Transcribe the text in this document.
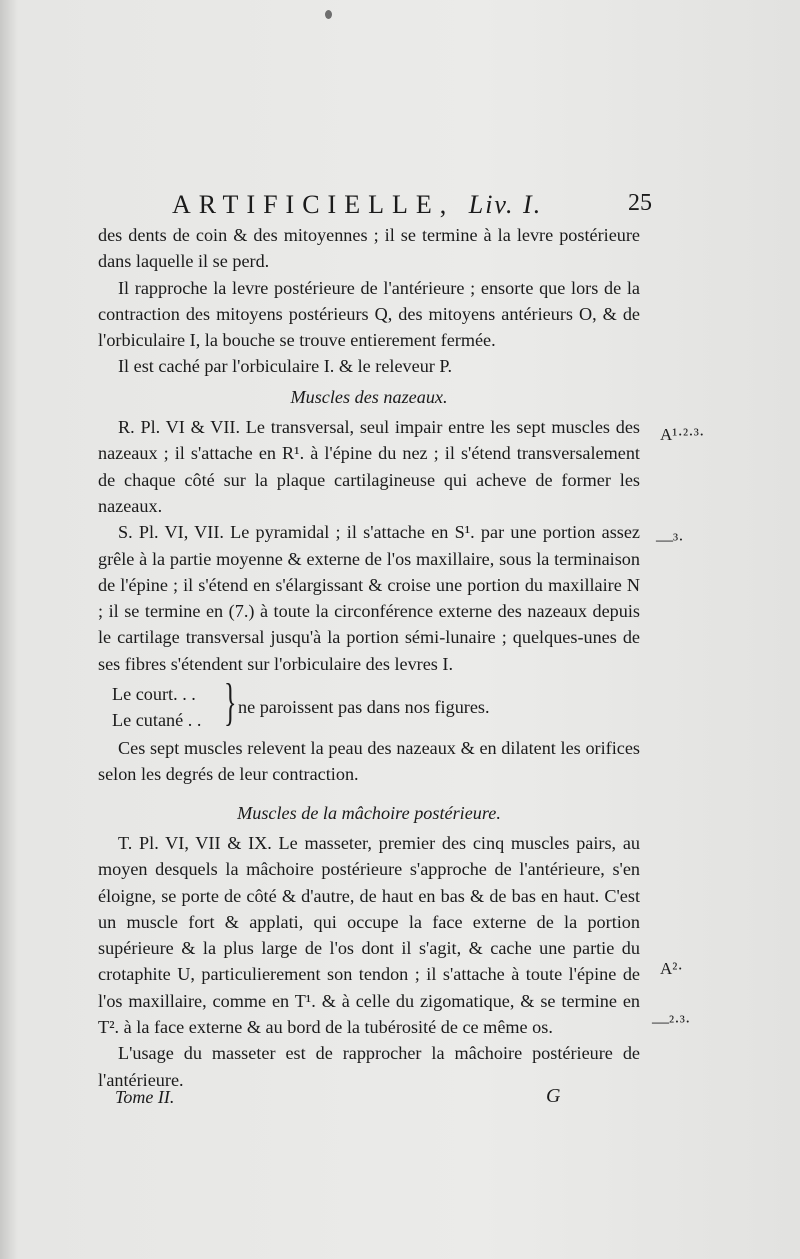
ARTIFICIELLE, Liv. I.	25

des dents de coin & des mitoyennes ; il se termine à la levre postérieure dans laquelle il se perd.

Il rapproche la levre postérieure de l'antérieure ; ensorte que lors de la contraction des mitoyens postérieurs Q, des mitoyens antérieurs O, & de l'orbiculaire I, la bouche se trouve entierement fermée.

Il est caché par l'orbiculaire I. & le releveur P.

Muscles des nazeaux.

R. Pl. VI & VII. Le transversal, seul impair entre les sept muscles des nazeaux ; il s'attache en R¹. à l'épine du nez ; il s'étend transversalement de chaque côté sur la plaque cartilagineuse qui acheve de former les nazeaux.

S. Pl. VI, VII. Le pyramidal ; il s'attache en S¹. par une portion assez grêle à la partie moyenne & externe de l'os maxillaire, sous la terminaison de l'épine ; il s'étend en s'élargissant & croise une portion du maxillaire N ; il se termine en (7.) à toute la circonférence externe des nazeaux depuis le cartilage transversal jusqu'à la portion sémi-lunaire ; quelques-unes de ses fibres s'étendent sur l'orbiculaire des levres I.

Le court. . .
Le cutané . . } ne paroissent pas dans nos figures.

Ces sept muscles relevent la peau des nazeaux & en dilatent les orifices selon les degrés de leur contraction.

Muscles de la mâchoire postérieure.

T. Pl. VI, VII & IX. Le masseter, premier des cinq muscles pairs, au moyen desquels la mâchoire postérieure s'approche de l'antérieure, s'en éloigne, se porte de côté & d'autre, de haut en bas & de bas en haut. C'est un muscle fort & applati, qui occupe la face externe de la portion supérieure & la plus large de l'os dont il s'agit, & cache une partie du crotaphite U, particulierement son tendon ; il s'attache à toute l'épine de l'os maxillaire, comme en T¹. & à celle du zigomatique, & se termine en T². à la face externe & au bord de la tubérosité de ce même os.

L'usage du masseter est de rapprocher la mâchoire postérieure de l'antérieure.

A¹·²·³·
—³·
A²·
—²·³·
Tome II.	G
